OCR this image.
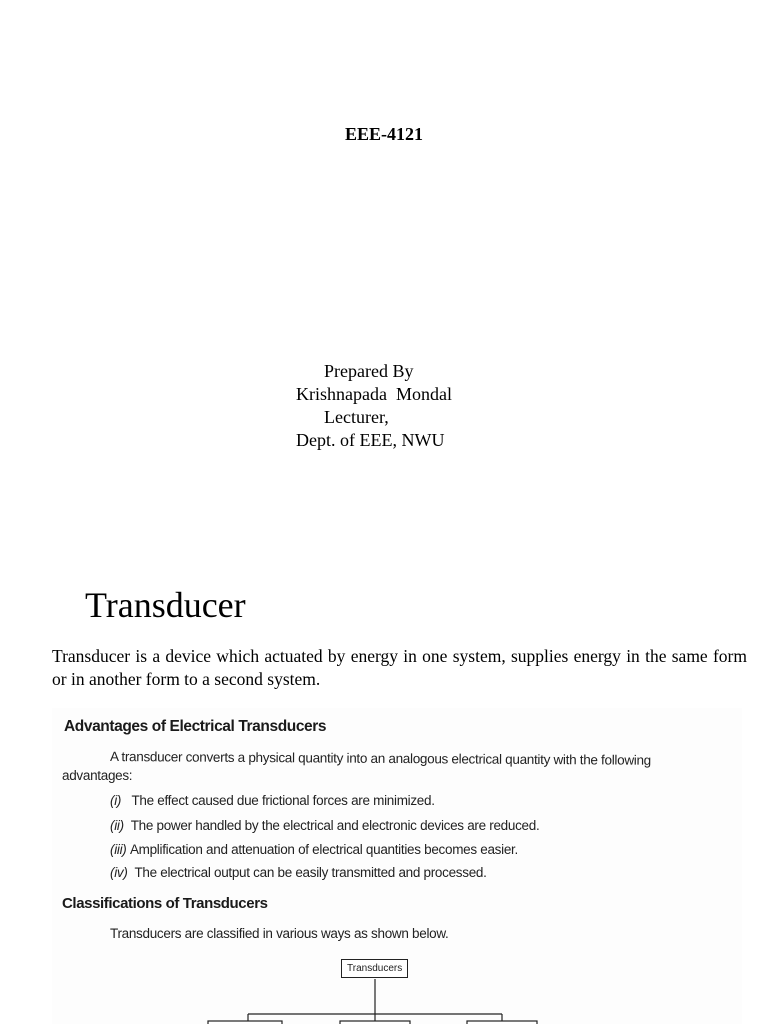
EEE-4121
Prepared By
Krishnapada  Mondal
Lecturer,
Dept. of EEE, NWU
Transducer
Transducer is a device which actuated by energy in one system, supplies energy in the same form or in another form to a second system.
Advantages of Electrical Transducers
A transducer converts a physical quantity into an analogous electrical quantity with the following
advantages:
(i) The effect caused due frictional forces are minimized.
(ii) The power handled by the electrical and electronic devices are reduced.
(iii) Amplification and attenuation of electrical quantities becomes easier.
(iv) The electrical output can be easily transmitted and processed.
Classifications of Transducers
Transducers are classified in various ways as shown below.
Transducers
